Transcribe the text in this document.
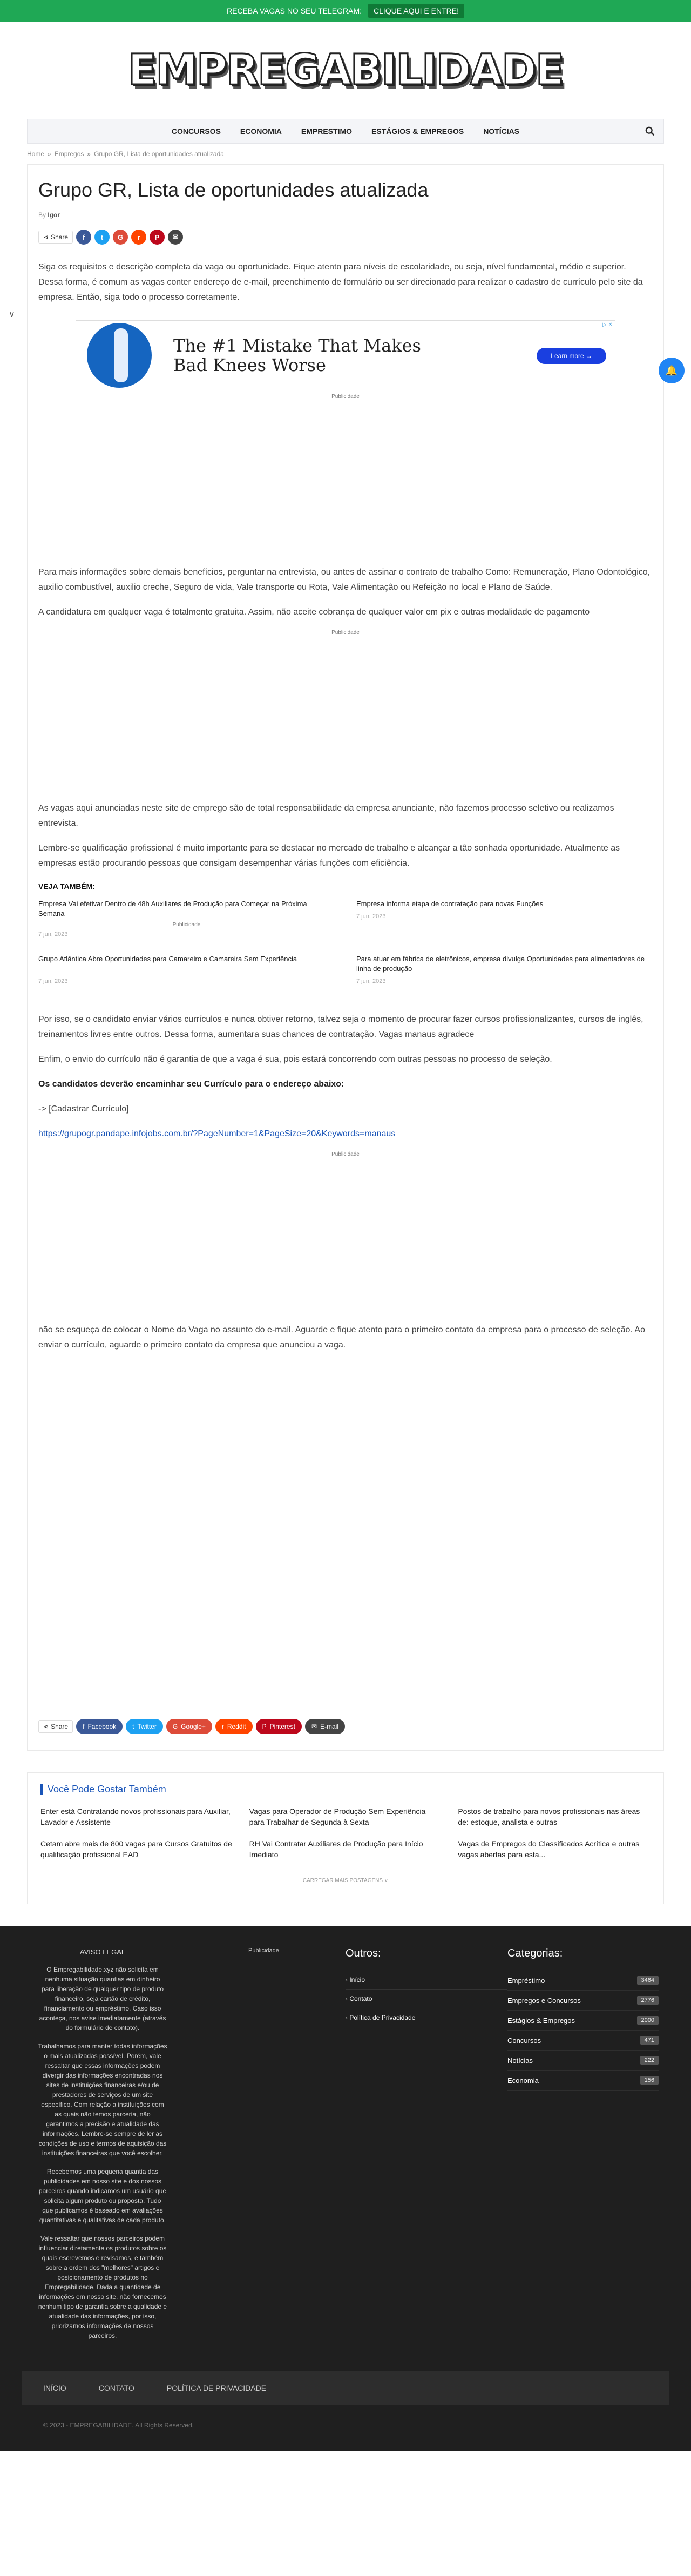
RECEBA VAGAS NO SEU TELEGRAM:	CLIQUE AQUI E ENTRE!
EMPREGABILIDADE
CONCURSOS	ECONOMIA	EMPRESTIMO	ESTÁGIOS & EMPREGOS	NOTÍCIAS
Home » Empregos » Grupo GR, Lista de oportunidades atualizada
∨
🔔
Grupo GR, Lista de oportunidades atualizada
By Igor
⋖ Share	f	t	G	r	P	✉

Siga os requisitos e descrição completa da vaga ou oportunidade. Fique atento para níveis de escolaridade, ou seja, nível fundamental, médio e superior. Dessa forma, é comum as vagas conter endereço de e-mail, preenchimento de formulário ou ser direcionado para realizar o cadastro de currículo pelo site da empresa. Então, siga todo o processo corretamente.

The #1 Mistake That Makes
Bad Knees Worse	Learn more →
▷ ✕
Publicidade

Para mais informações sobre demais benefícios, perguntar na entrevista, ou antes de assinar o contrato de trabalho Como: Remuneração, Plano Odontológico, auxilio combustível, auxilio creche, Seguro de vida, Vale transporte ou Rota, Vale Alimentação ou Refeição no local e Plano de Saúde.

A candidatura em qualquer vaga é totalmente gratuita. Assim, não aceite cobrança de qualquer valor em pix e outras modalidade de pagamento

Publicidade

As vagas aqui anunciadas neste site de emprego são de total responsabilidade da empresa anunciante, não fazemos processo seletivo ou realizamos entrevista.

Lembre-se qualificação profissional é muito importante para se destacar no mercado de trabalho e alcançar a tão sonhada oportunidade. Atualmente as empresas estão procurando pessoas que consigam desempenhar várias funções com eficiência.

VEJA TAMBÉM:
Empresa Vai efetivar Dentro de 48h Auxiliares de Produção para Começar na Próxima Semana
Publicidade
7 jun, 2023
Empresa informa etapa de contratação para novas Funções
7 jun, 2023
Grupo Atlântica Abre Oportunidades para Camareiro e Camareira Sem Experiência
7 jun, 2023
Para atuar em fábrica de eletrônicos, empresa divulga Oportunidades para alimentadores de linha de produção
7 jun, 2023

Por isso, se o candidato enviar vários currículos e nunca obtiver retorno, talvez seja o momento de procurar fazer cursos profissionalizantes, cursos de inglês, treinamentos livres entre outros. Dessa forma, aumentara suas chances de contratação. Vagas manaus agradece

Enfim, o envio do currículo não é garantia de que a vaga é sua, pois estará concorrendo com outras pessoas no processo de seleção.

Os candidatos deverão encaminhar seu Currículo para o endereço abaixo:

-> [Cadastrar Currículo]

https://grupogr.pandape.infojobs.com.br/?PageNumber=1&PageSize=20&Keywords=manaus

Publicidade

não se esqueça de colocar o Nome da Vaga no assunto do e-mail. Aguarde e fique atento para o primeiro contato da empresa para o processo de seleção. Ao enviar o currículo, aguarde o primeiro contato da empresa que anunciou a vaga.

⋖ Share f Facebook	t Twitter	G Google+	r Reddit	P Pinterest	✉ E-mail
Você Pode Gostar Também
Enter está Contratando novos profissionais para Auxiliar, Lavador e Assistente
Vagas para Operador de Produção Sem Experiência para Trabalhar de Segunda à Sexta
Postos de trabalho para novos profissionais nas áreas de: estoque, analista e outras
Cetam abre mais de 800 vagas para Cursos Gratuitos de qualificação profissional EAD
RH Vai Contratar Auxiliares de Produção para Início Imediato
Vagas de Empregos do Classificados Acrítica e outras vagas abertas para esta...
CARREGAR MAIS POSTAGENS ∨
AVISO LEGAL

O Empregabilidade.xyz não solicita em nenhuma situação quantias em dinheiro para liberação de qualquer tipo de produto financeiro, seja cartão de crédito, financiamento ou empréstimo. Caso isso aconteça, nos avise imediatamente (através do formulário de contato).

Trabalhamos para manter todas informações o mais atualizadas possível. Porém, vale ressaltar que essas informações podem divergir das informações encontradas nos sites de instituições financeiras e/ou de prestadores de serviços de um site específico. Com relação a instituições com as quais não temos parceria, não garantimos a precisão e atualidade das informações. Lembre-se sempre de ler as condições de uso e termos de aquisição das instituições financeiras que você escolher.

Recebemos uma pequena quantia das publicidades em nosso site e dos nossos parceiros quando indicamos um usuário que solicita algum produto ou proposta. Tudo que publicamos é baseado em avaliações quantitativas e qualitativas de cada produto.

Vale ressaltar que nossos parceiros podem influenciar diretamente os produtos sobre os quais escrevemos e revisamos, e também sobre a ordem dos "melhores" artigos e posicionamento de produtos no Empregabilidade. Dada a quantidade de informações em nosso site, não fornecemos nenhum tipo de garantia sobre a qualidade e atualidade das informações, por isso, priorizamos informações de nossos parceiros.

Publicidade	Outros:
› Início
› Contato
› Política de Privacidade
Categorias:
Empréstimo	3464
Empregos e Concursos	2776
Estágios & Empregos	2000
Concursos	471
Notícias	222
Economia	156
INÍCIO	CONTATO	POLÍTICA DE PRIVACIDADE
© 2023 - EMPREGABILIDADE. All Rights Reserved.
